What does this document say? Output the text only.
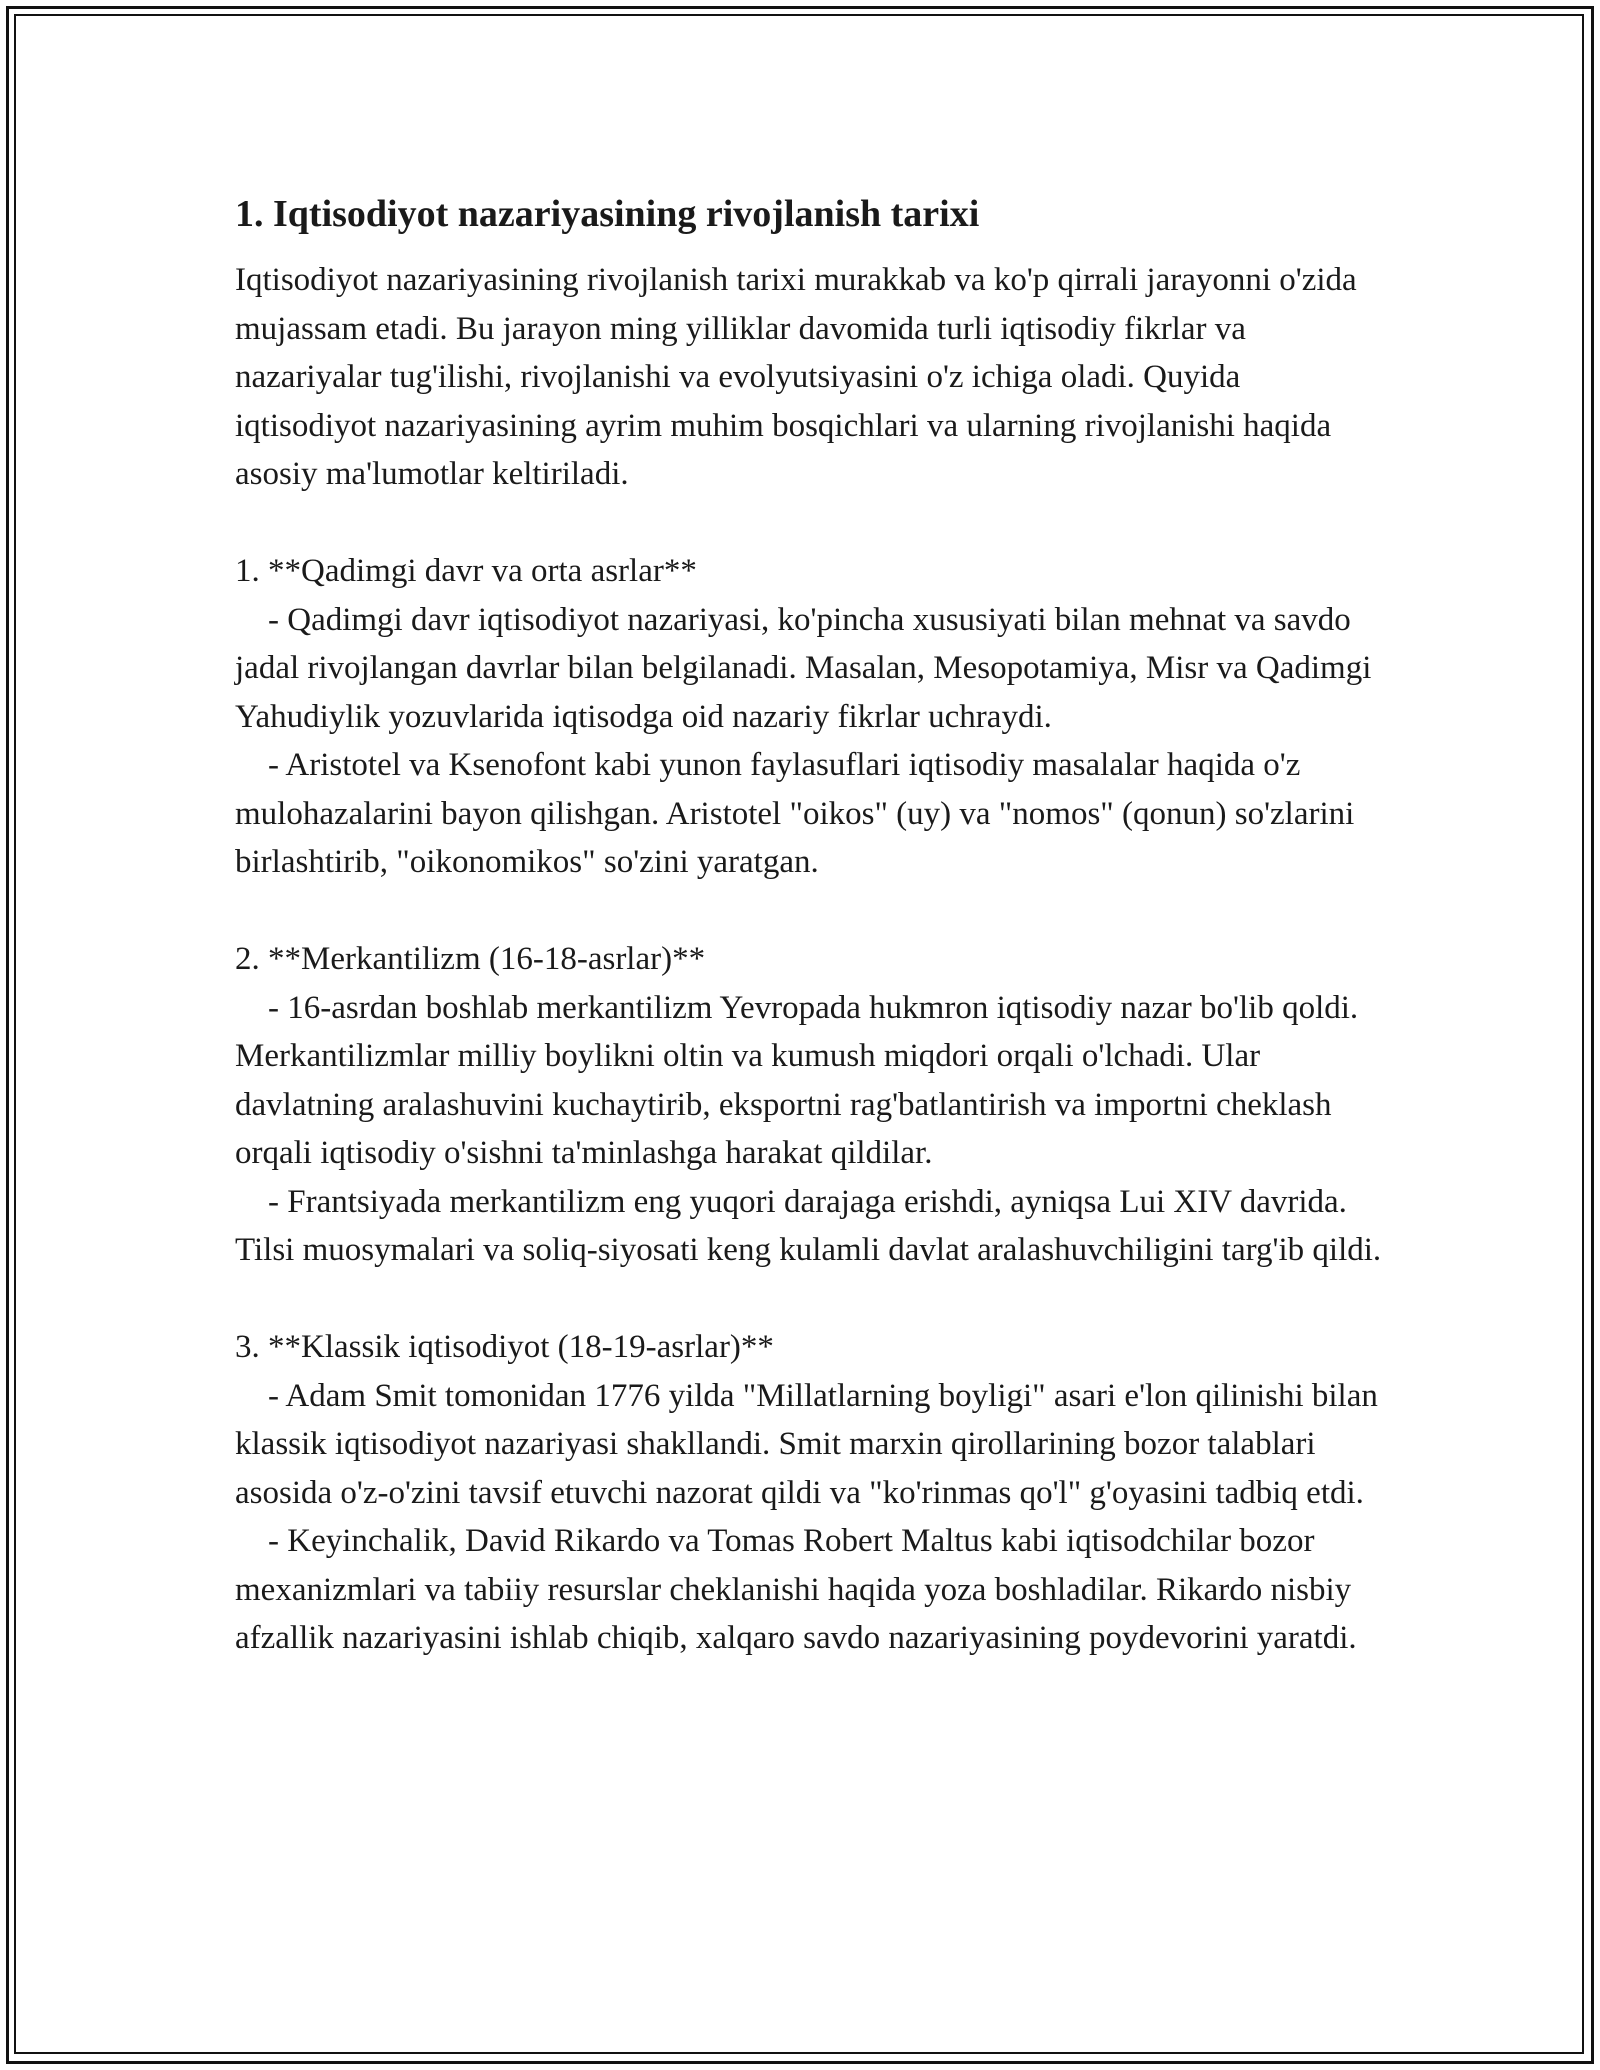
1. Iqtisodiyot nazariyasining rivojlanish tarixi

Iqtisodiyot nazariyasining rivojlanish tarixi murakkab va ko'p qirrali jarayonni o'zida mujassam etadi. Bu jarayon ming yilliklar davomida turli iqtisodiy fikrlar va nazariyalar tug'ilishi, rivojlanishi va evolyutsiyasini o'z ichiga oladi. Quyida iqtisodiyot nazariyasining ayrim muhim bosqichlari va ularning rivojlanishi haqida asosiy ma'lumotlar keltiriladi.

1. **Qadimgi davr va orta asrlar**

- Qadimgi davr iqtisodiyot nazariyasi, ko'pincha xususiyati bilan mehnat va savdo jadal rivojlangan davrlar bilan belgilanadi. Masalan, Mesopotamiya, Misr va Qadimgi Yahudiylik yozuvlarida iqtisodga oid nazariy fikrlar uchraydi.

- Aristotel va Ksenofont kabi yunon faylasuflari iqtisodiy masalalar haqida o'z mulohazalarini bayon qilishgan. Aristotel "oikos" (uy) va "nomos" (qonun) so'zlarini birlashtirib, "oikonomikos" so'zini yaratgan.

2. **Merkantilizm (16-18-asrlar)**

- 16-asrdan boshlab merkantilizm Yevropada hukmron iqtisodiy nazar bo'lib qoldi. Merkantilizmlar milliy boylikni oltin va kumush miqdori orqali o'lchadi. Ular davlatning aralashuvini kuchaytirib, eksportni rag'batlantirish va importni cheklash orqali iqtisodiy o'sishni ta'minlashga harakat qildilar.

- Frantsiyada merkantilizm eng yuqori darajaga erishdi, ayniqsa Lui XIV davrida. Tilsi muosymalari va soliq-siyosati keng kulamli davlat aralashuvchiligini targ'ib qildi.

3. **Klassik iqtisodiyot (18-19-asrlar)**

- Adam Smit tomonidan 1776 yilda "Millatlarning boyligi" asari e'lon qilinishi bilan klassik iqtisodiyot nazariyasi shakllandi. Smit marxin qirollarining bozor talablari asosida o'z-o'zini tavsif etuvchi nazorat qildi va "ko'rinmas qo'l" g'oyasini tadbiq etdi.

- Keyinchalik, David Rikardo va Tomas Robert Maltus kabi iqtisodchilar bozor mexanizmlari va tabiiy resurslar cheklanishi haqida yoza boshladilar. Rikardo nisbiy afzallik nazariyasini ishlab chiqib, xalqaro savdo nazariyasining poydevorini yaratdi.
